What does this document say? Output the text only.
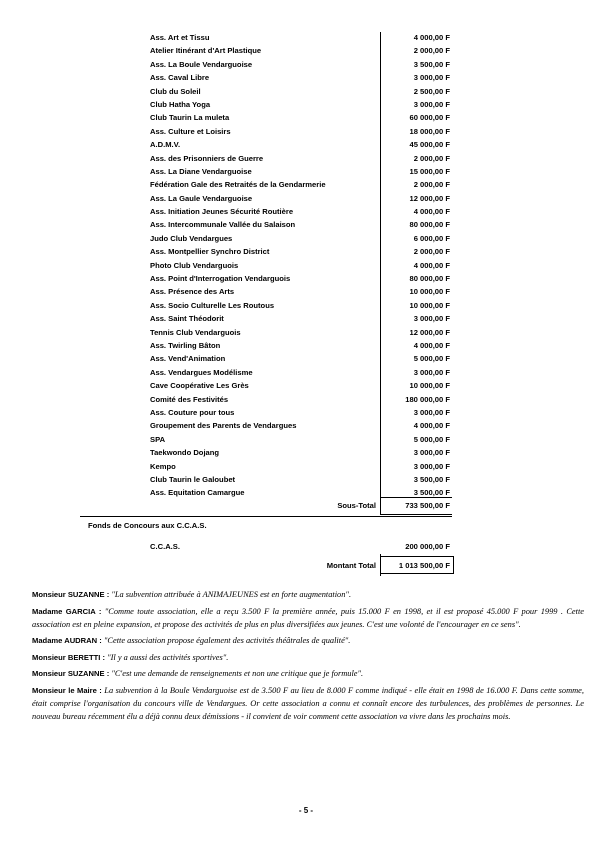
Ass. Art et Tissu	4 000,00 F
Atelier Itinérant d'Art Plastique	2 000,00 F
Ass. La Boule Vendarguoise	3 500,00 F
Ass. Caval Libre	3 000,00 F
Club du Soleil	2 500,00 F
Club Hatha Yoga	3 000,00 F
Club Taurin La muleta	60 000,00 F
Ass. Culture et Loisirs	18 000,00 F
A.D.M.V.	45 000,00 F
Ass. des Prisonniers de Guerre	2 000,00 F
Ass. La Diane Vendarguoise	15 000,00 F
Fédération Gale des Retraités de la Gendarmerie	2 000,00 F
Ass. La Gaule Vendarguoise	12 000,00 F
Ass. Initiation Jeunes Sécurité Routière	4 000,00 F
Ass. Intercommunale Vallée du Salaison	80 000,00 F
Judo Club Vendargues	6 000,00 F
Ass. Montpellier Synchro District	2 000,00 F
Photo Club Vendarguois	4 000,00 F
Ass. Point d'Interrogation Vendarguois	80 000,00 F
Ass. Présence des Arts	10 000,00 F
Ass. Socio Culturelle Les Routous	10 000,00 F
Ass. Saint Théodorit	3 000,00 F
Tennis Club Vendarguois	12 000,00 F
Ass. Twirling Bâton	4 000,00 F
Ass. Vend'Animation	5 000,00 F
Ass. Vendargues Modélisme	3 000,00 F
Cave Coopérative Les Grès	10 000,00 F
Comité des Festivités	180 000,00 F
Ass. Couture pour tous	3 000,00 F
Groupement des Parents de Vendargues	4 000,00 F
SPA	5 000,00 F
Taekwondo Dojang	3 000,00 F
Kempo	3 000,00 F
Club Taurin le Galoubet	3 500,00 F
Ass. Equitation Camargue	3 500,00 F
Sous-Total	733 500,00 F
Fonds de Concours aux C.C.A.S.
C.C.A.S.	200 000,00 F
Montant Total	1 013 500,00 F

Monsieur SUZANNE : "La subvention attribuée à ANIMAJEUNES est en forte augmentation".

Madame GARCIA : "Comme toute association, elle a reçu 3.500 F la première année, puis 15.000 F en 1998, et il est proposé 45.000 F pour 1999 . Cette association est en pleine expansion, et propose des activités de plus en plus diversifiées aux jeunes. C'est une volonté de l'encourager en ce sens".

Madame AUDRAN : "Cette association propose également des activités théâtrales de qualité".

Monsieur BERETTI : "Il y a aussi des activités sportives".

Monsieur SUZANNE : "C'est une demande de renseignements et non une critique que je formule".

Monsieur le Maire : La subvention à la Boule Vendarguoise est de 3.500 F au lieu de 8.000 F comme indiqué - elle était en 1998 de 16.000 F. Dans cette somme, était comprise l'organisation du concours ville de Vendargues. Or cette association a connu et connaît encore des turbulences, des problèmes de personnes. Le nouveau bureau récemment élu a déjà connu deux démissions - il convient de voir comment cette association va vivre dans les prochains mois.

- 5 -
